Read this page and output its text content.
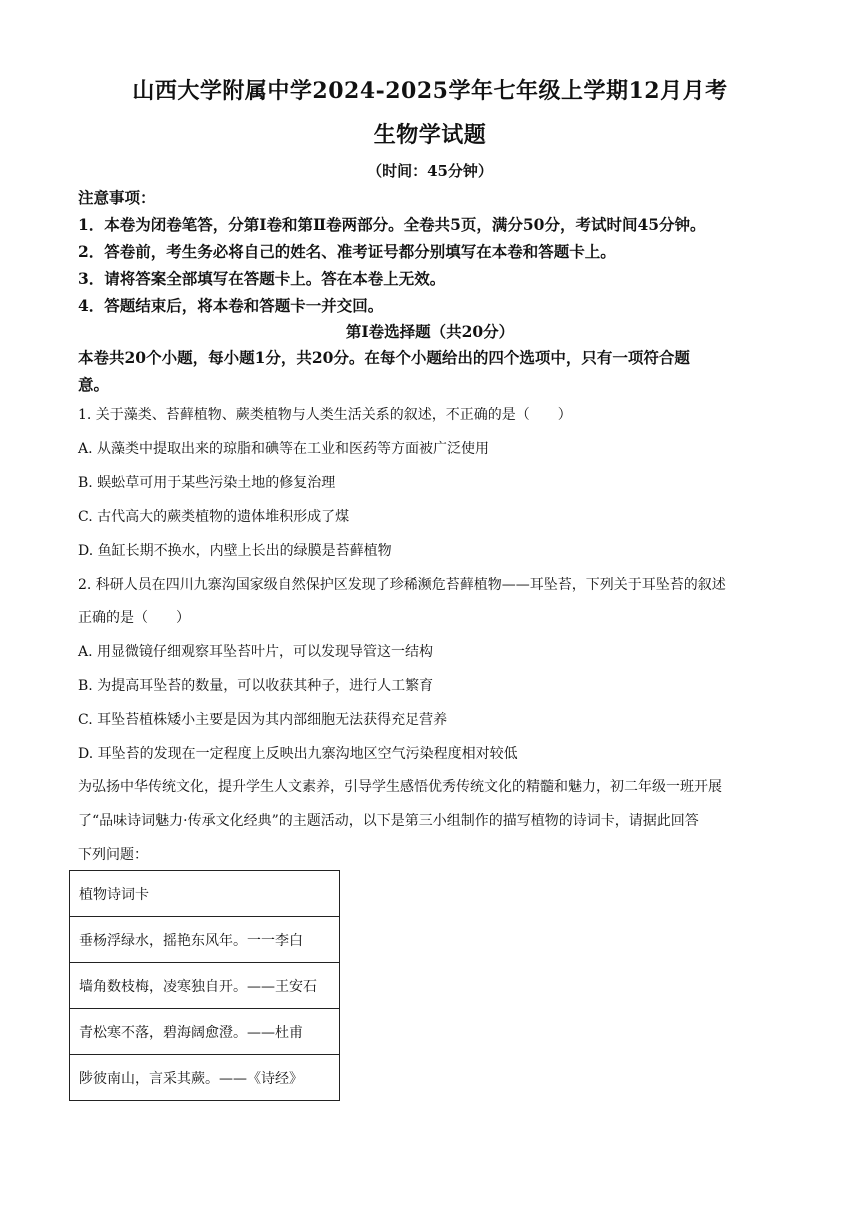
山西大学附属中学2024-2025学年七年级上学期12月月考
生物学试题
（时间：45分钟）
注意事项：
1．本卷为闭卷笔答，分第Ⅰ卷和第Ⅱ卷两部分。全卷共5页，满分50分，考试时间45分钟。
2．答卷前，考生务必将自己的姓名、准考证号都分别填写在本卷和答题卡上。
3．请将答案全部填写在答题卡上。答在本卷上无效。
4．答题结束后，将本卷和答题卡一并交回。
第Ⅰ卷选择题（共20分）
本卷共20个小题，每小题1分，共20分。在每个小题给出的四个选项中，只有一项符合题
意。
1. 关于藻类、苔藓植物、蕨类植物与人类生活关系的叙述，不正确的是（　　）
A. 从藻类中提取出来的琼脂和碘等在工业和医药等方面被广泛使用
B. 蜈蚣草可用于某些污染土地的修复治理
C. 古代高大的蕨类植物的遗体堆积形成了煤
D. 鱼缸长期不换水，内壁上长出的绿膜是苔藓植物
2. 科研人员在四川九寨沟国家级自然保护区发现了珍稀濒危苔藓植物——耳坠苔，下列关于耳坠苔的叙述
正确的是（　　）
A. 用显微镜仔细观察耳坠苔叶片，可以发现导管这一结构
B. 为提高耳坠苔的数量，可以收获其种子，进行人工繁育
C. 耳坠苔植株矮小主要是因为其内部细胞无法获得充足营养
D. 耳坠苔的发现在一定程度上反映出九寨沟地区空气污染程度相对较低
为弘扬中华传统文化，提升学生人文素养，引导学生感悟优秀传统文化的精髓和魅力，初二年级一班开展
了“品味诗词魅力·传承文化经典”的主题活动，以下是第三小组制作的描写植物的诗词卡，请据此回答
下列问题：
植物诗词卡
垂杨浮绿水，摇艳东风年。一一李白
墙角数枝梅，凌寒独自开。——王安石
青松寒不落，碧海阔愈澄。——杜甫
陟彼南山，言采其蕨。——《诗经》
